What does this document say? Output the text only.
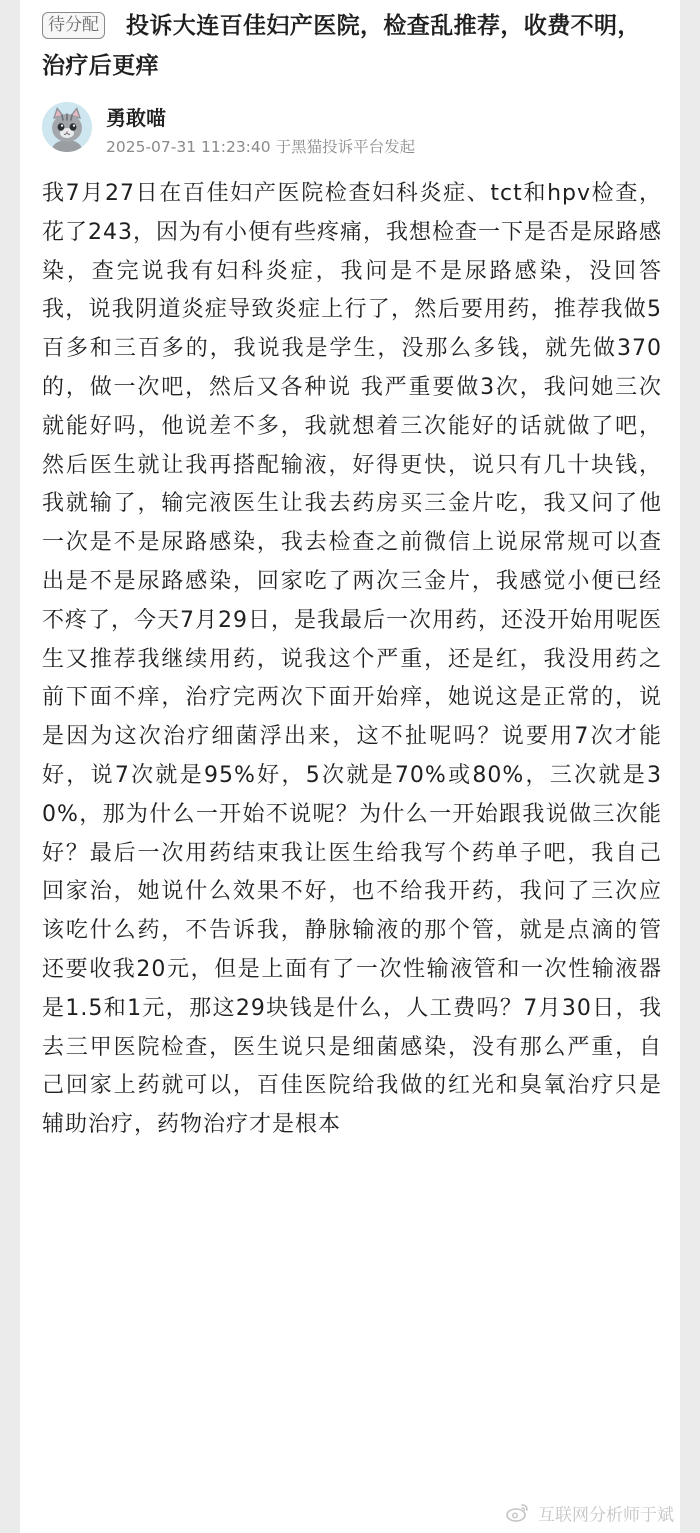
待分配	投诉大连百佳妇产医院，检查乱推荐，收费不明，治疗后更痒
勇敢喵
2025-07-31 11:23:40 于黑猫投诉平台发起

我7月27日在百佳妇产医院检查妇科炎症、tct和hpv检查，花了243，因为有小便有些疼痛，我想检查一下是否是尿路感染，查完说我有妇科炎症，我问是不是尿路感染，没回答我，说我阴道炎症导致炎症上行了，然后要用药，推荐我做5百多和三百多的，我说我是学生，没那么多钱，就先做370的，做一次吧，然后又各种说 我严重要做3次，我问她三次就能好吗，他说差不多，我就想着三次能好的话就做了吧，然后医生就让我再搭配输液，好得更快，说只有几十块钱，我就输了，输完液医生让我去药房买三金片吃，我又问了他一次是不是尿路感染，我去检查之前微信上说尿常规可以查出是不是尿路感染，回家吃了两次三金片，我感觉小便已经不疼了，今天7月29日，是我最后一次用药，还没开始用呢医生又推荐我继续用药，说我这个严重，还是红，我没用药之前下面不痒，治疗完两次下面开始痒，她说这是正常的，说是因为这次治疗细菌浮出来，这不扯呢吗？说要用7次才能好，说7次就是95%好，5次就是70%或80%，三次就是30%，那为什么一开始不说呢？为什么一开始跟我说做三次能好？最后一次用药结束我让医生给我写个药单子吧，我自己回家治，她说什么效果不好，也不给我开药，我问了三次应该吃什么药，不告诉我，静脉输液的那个管，就是点滴的管还要收我20元，但是上面有了一次性输液管和一次性输液器是1.5和1元，那这29块钱是什么，人工费吗？7月30日，我去三甲医院检查，医生说只是细菌感染，没有那么严重，自己回家上药就可以，百佳医院给我做的红光和臭氧治疗只是辅助治疗，药物治疗才是根本

互联网分析师于斌
